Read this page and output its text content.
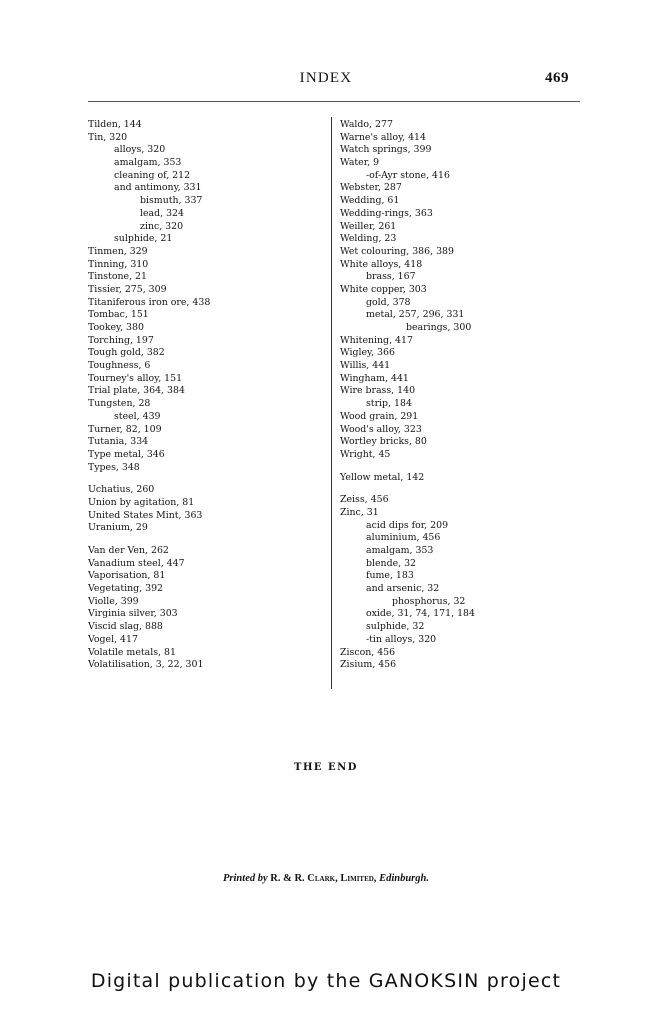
INDEX	469
Tilden, 144
Tin, 320
alloys, 320
amalgam, 353
cleaning of, 212
and antimony, 331
bismuth, 337
lead, 324
zinc, 320
sulphide, 21
Tinmen, 329
Tinning, 310
Tinstone, 21
Tissier, 275, 309
Titaniferous iron ore, 438
Tombac, 151
Tookey, 380
Torching, 197
Tough gold, 382
Toughness, 6
Tourney's alloy, 151
Trial plate, 364, 384
Tungsten, 28
steel, 439
Turner, 82, 109
Tutania, 334
Type metal, 346
Types, 348
Uchatius, 260
Union by agitation, 81
United States Mint, 363
Uranium, 29
Van der Ven, 262
Vanadium steel, 447
Vaporisation, 81
Vegetating, 392
Violle, 399
Virginia silver, 303
Viscid slag, 888
Vogel, 417
Volatile metals, 81
Volatilisation, 3, 22, 301
Waldo, 277
Warne's alloy, 414
Watch springs, 399
Water, 9
-of-Ayr stone, 416
Webster, 287
Wedding, 61
Wedding-rings, 363
Weiller, 261
Welding, 23
Wet colouring, 386, 389
White alloys, 418
brass, 167
White copper, 303
gold, 378
metal, 257, 296, 331
bearings, 300
Whitening, 417
Wigley, 366
Willis, 441
Wingham, 441
Wire brass, 140
strip, 184
Wood grain, 291
Wood's alloy, 323
Wortley bricks, 80
Wright, 45
Yellow metal, 142
Zeiss, 456
Zinc, 31
acid dips for, 209
aluminium, 456
amalgam, 353
blende, 32
fume, 183
and arsenic, 32
phosphorus, 32
oxide, 31, 74, 171, 184
sulphide, 32
-tin alloys, 320
Ziscon, 456
Zisium, 456
THE END
Printed by R. & R. Clark, Limited, Edinburgh.
Digital publication by the GANOKSIN project
